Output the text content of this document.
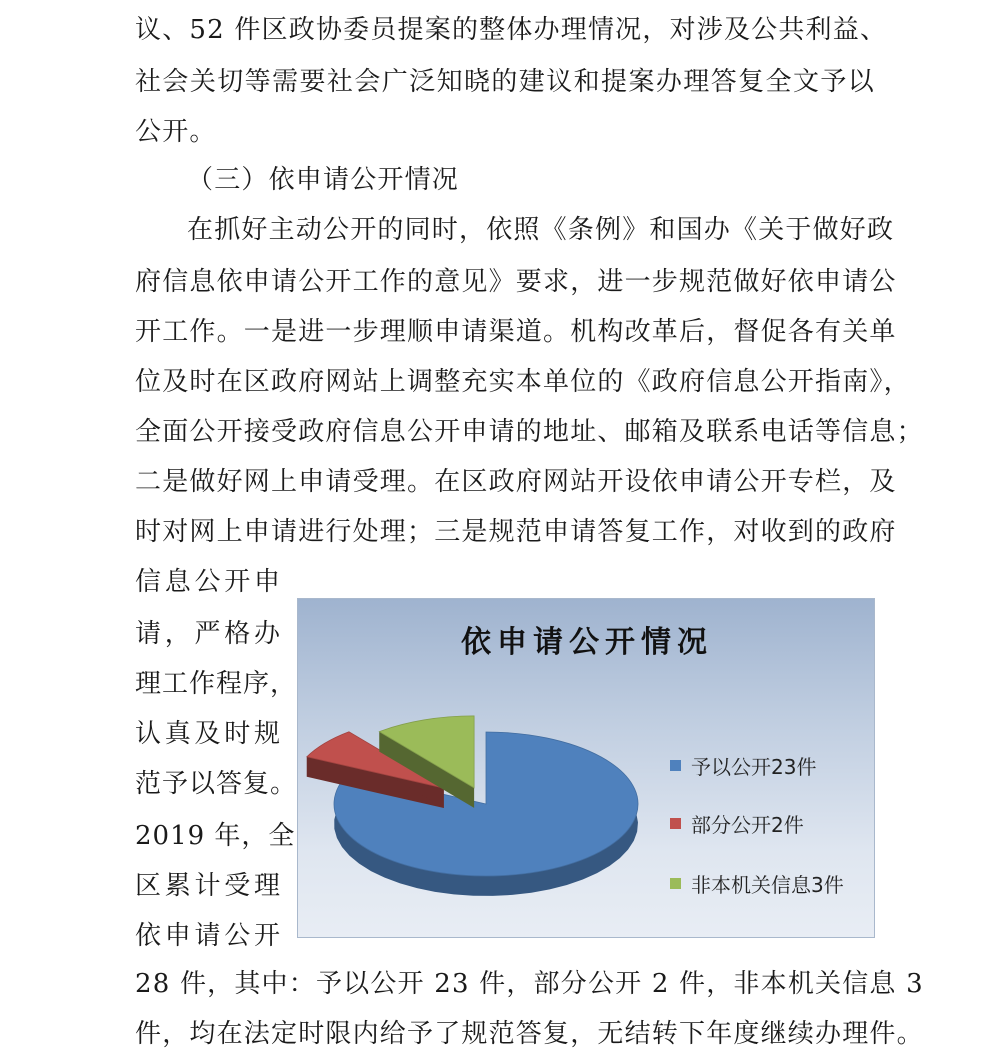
议、52 件区政协委员提案的整体办理情况，对涉及公共利益、
社会关切等需要社会广泛知晓的建议和提案办理答复全文予以
公开。
（三）依申请公开情况
在抓好主动公开的同时，依照《条例》和国办《关于做好政
府信息依申请公开工作的意见》要求，进一步规范做好依申请公
开工作。一是进一步理顺申请渠道。机构改革后，督促各有关单
位及时在区政府网站上调整充实本单位的《政府信息公开指南》，
全面公开接受政府信息公开申请的地址、邮箱及联系电话等信息；
二是做好网上申请受理。在区政府网站开设依申请公开专栏，及
时对网上申请进行处理；三是规范申请答复工作，对收到的政府
信息公开申
请，严格办
理工作程序，
认真及时规
范予以答复。
2019 年，全
区累计受理
依申请公开
依申请公开情况
予以公开23件
部分公开2件
非本机关信息3件
28 件，其中：予以公开 23 件，部分公开 2 件，非本机关信息 3
件，均在法定时限内给予了规范答复，无结转下年度继续办理件。
